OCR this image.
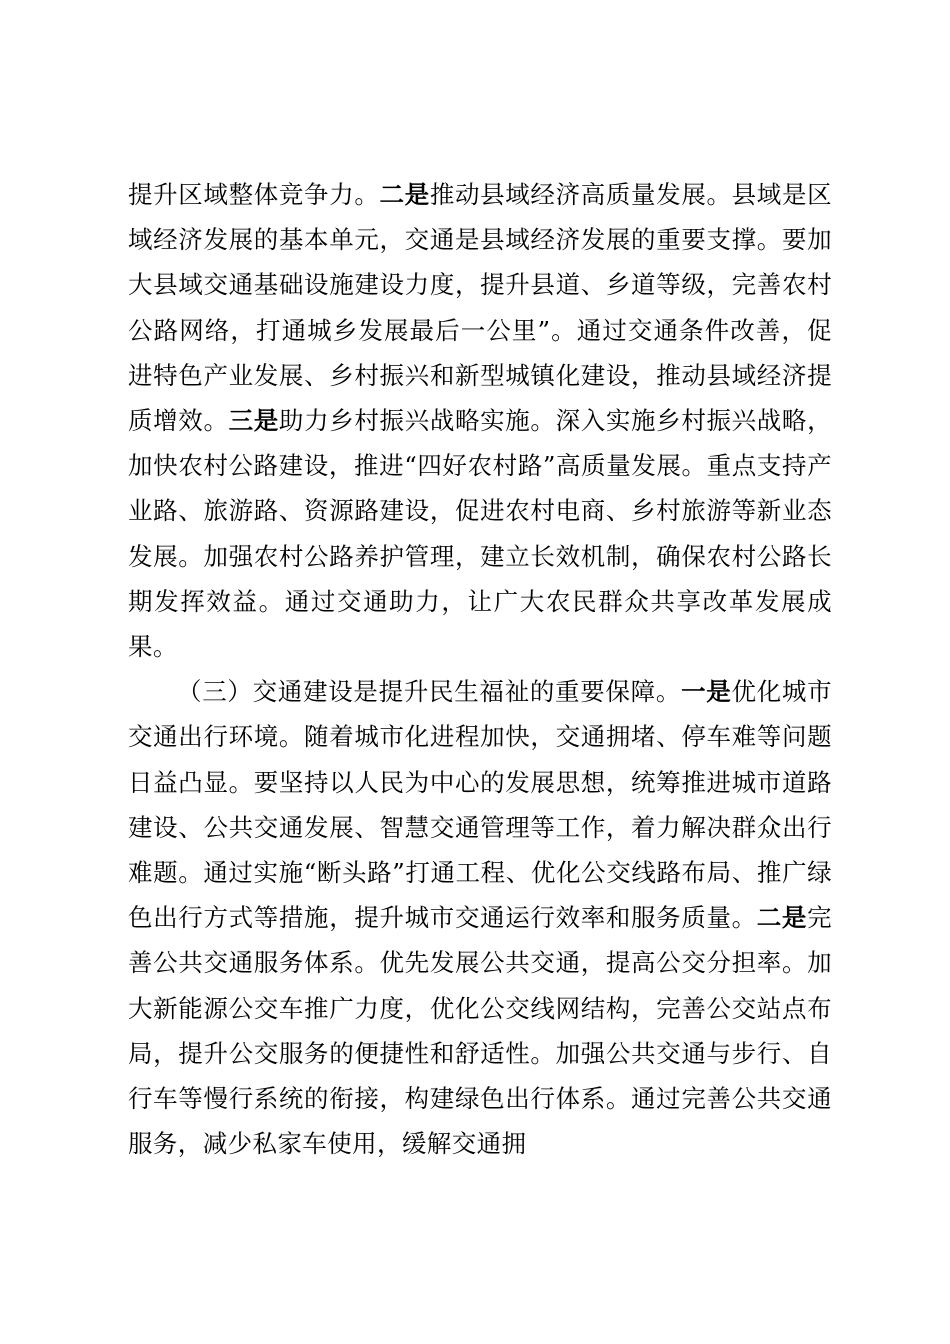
提升区域整体竞争力。二是推动县域经济高质量发展。县域是区域经济发展的基本单元，交通是县域经济发展的重要支撑。要加大县域交通基础设施建设力度，提升县道、乡道等级，完善农村公路网络，打通城乡发展最后一公里”。通过交通条件改善，促进特色产业发展、乡村振兴和新型城镇化建设，推动县域经济提质增效。三是助力乡村振兴战略实施。深入实施乡村振兴战略，加快农村公路建设，推进“四好农村路”高质量发展。重点支持产业路、旅游路、资源路建设，促进农村电商、乡村旅游等新业态发展。加强农村公路养护管理，建立长效机制，确保农村公路长期发挥效益。通过交通助力，让广大农民群众共享改革发展成果。

（三）交通建设是提升民生福祉的重要保障。一是优化城市交通出行环境。随着城市化进程加快，交通拥堵、停车难等问题日益凸显。要坚持以人民为中心的发展思想，统筹推进城市道路建设、公共交通发展、智慧交通管理等工作，着力解决群众出行难题。通过实施“断头路”打通工程、优化公交线路布局、推广绿色出行方式等措施，提升城市交通运行效率和服务质量。二是完善公共交通服务体系。优先发展公共交通，提高公交分担率。加大新能源公交车推广力度，优化公交线网结构，完善公交站点布局，提升公交服务的便捷性和舒适性。加强公共交通与步行、自行车等慢行系统的衔接，构建绿色出行体系。通过完善公共交通服务，减少私家车使用，缓解交通拥
